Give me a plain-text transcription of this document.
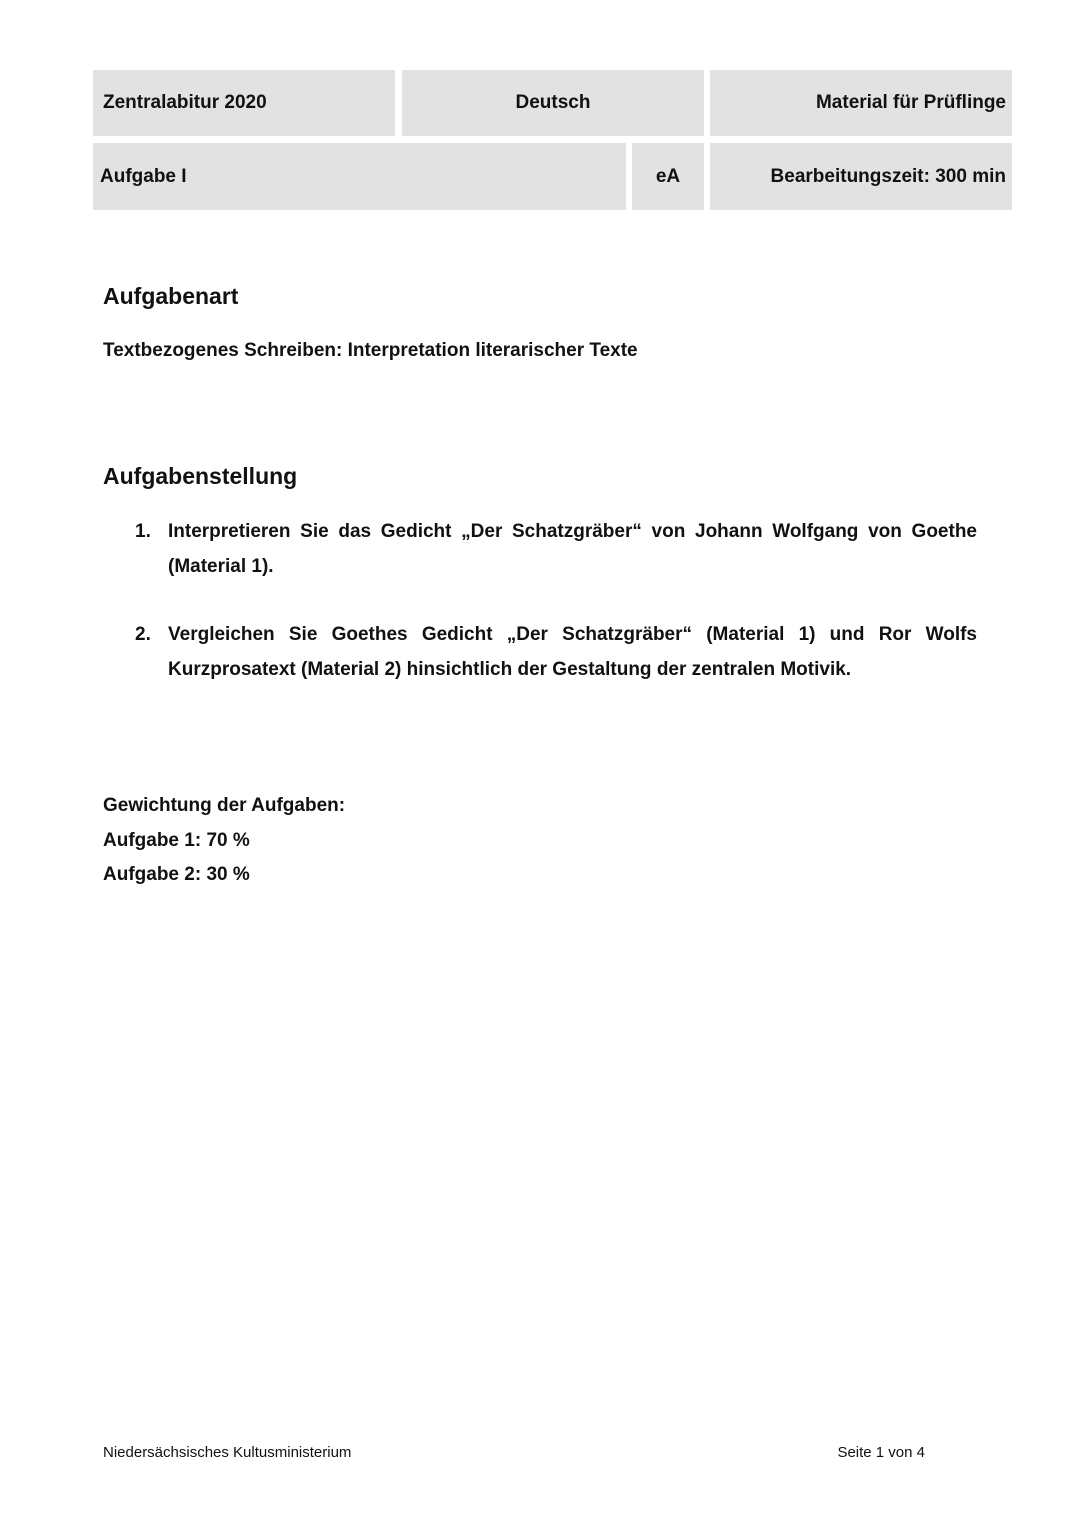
Zentralabitur 2020	Deutsch	Material für Prüflinge
Aufgabe I	eA	Bearbeitungszeit: 300 min
Aufgabenart
Textbezogenes Schreiben: Interpretation literarischer Texte
Aufgabenstellung
1. Interpretieren Sie das Gedicht „Der Schatzgräber“ von Johann Wolfgang von Goethe (Material 1).
2. Vergleichen Sie Goethes Gedicht „Der Schatzgräber“ (Material 1) und Ror Wolfs Kurzprosatext (Material 2) hinsichtlich der Gestaltung der zentralen Motivik.
Gewichtung der Aufgaben:
Aufgabe 1: 70 %
Aufgabe 2: 30 %
Niedersächsisches Kultusministerium	Seite 1 von 4
